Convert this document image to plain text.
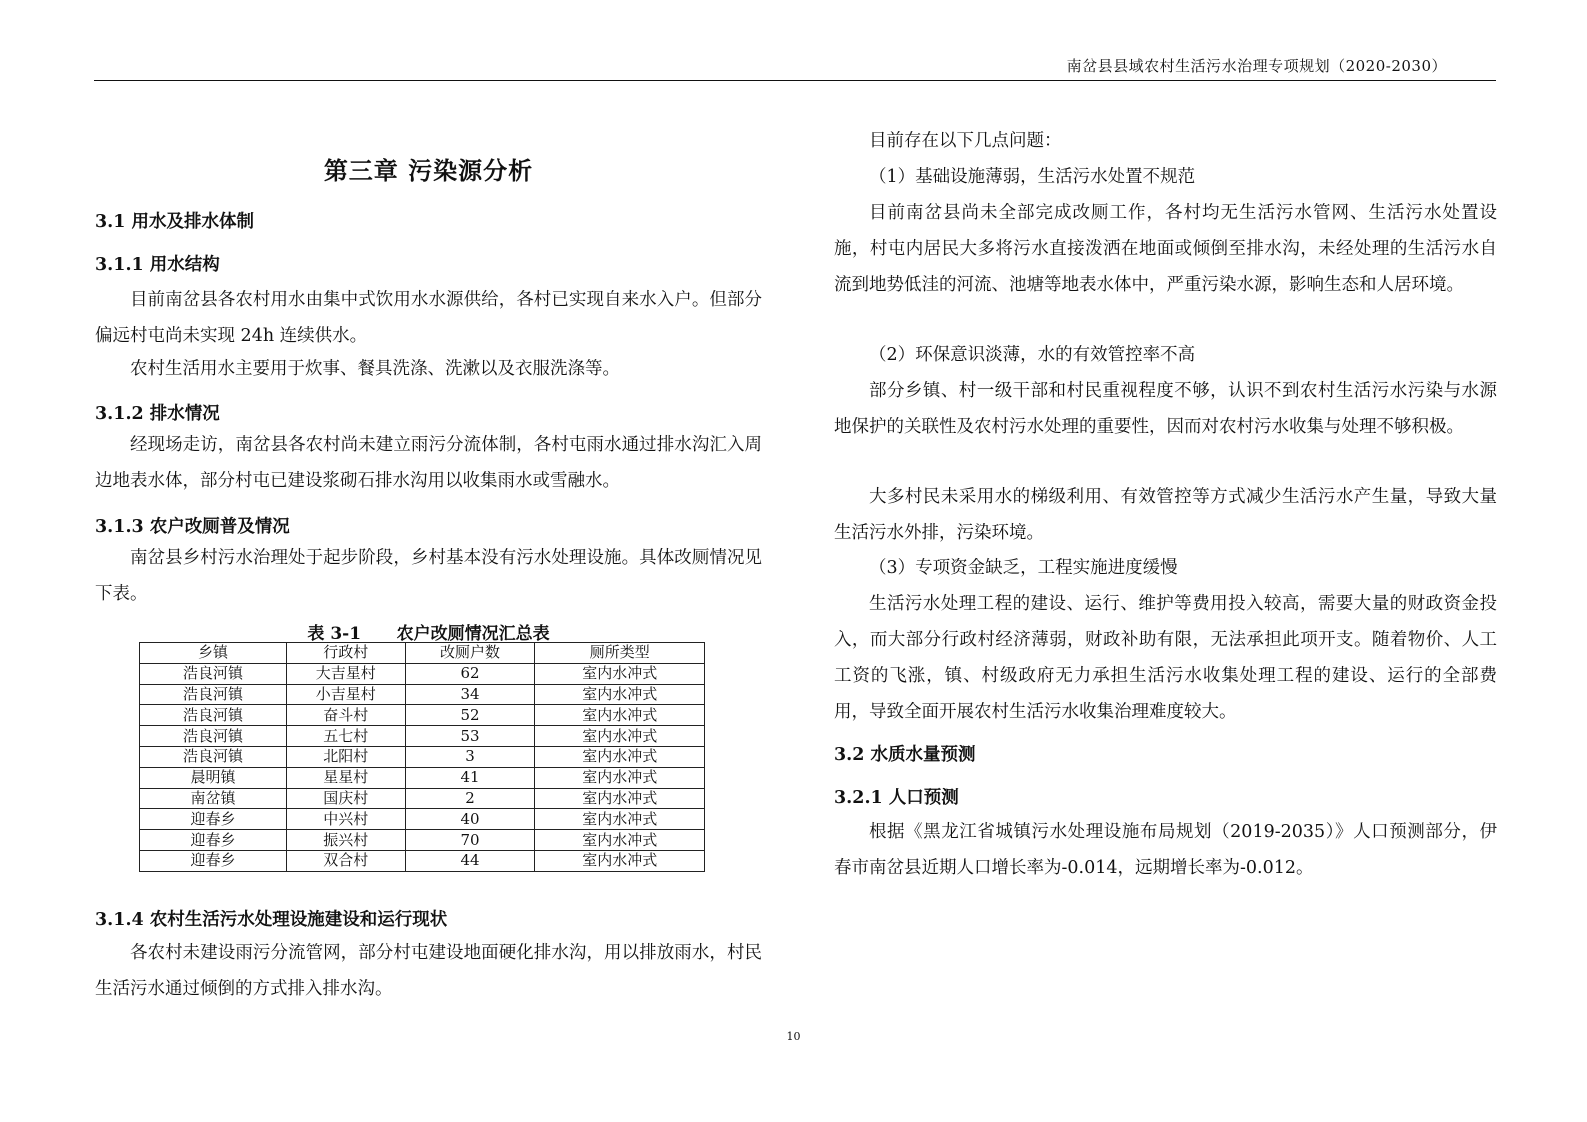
南岔县县域农村生活污水治理专项规划（2020-2030）
第三章 污染源分析
3.1 用水及排水体制
3.1.1 用水结构
目前南岔县各农村用水由集中式饮用水水源供给，各村已实现自来水入户。但部分偏远村屯尚未实现 24h 连续供水。
农村生活用水主要用于炊事、餐具洗涤、洗漱以及衣服洗涤等。
3.1.2 排水情况
经现场走访，南岔县各农村尚未建立雨污分流体制，各村屯雨水通过排水沟汇入周边地表水体，部分村屯已建设浆砌石排水沟用以收集雨水或雪融水。
3.1.3 农户改厕普及情况
南岔县乡村污水治理处于起步阶段，乡村基本没有污水处理设施。具体改厕情况见下表。
表 3-1      农户改厕情况汇总表
乡镇	行政村	改厕户数	厕所类型
浩良河镇	大吉星村	62	室内水冲式
浩良河镇	小吉星村	34	室内水冲式
浩良河镇	奋斗村	52	室内水冲式
浩良河镇	五七村	53	室内水冲式
浩良河镇	北阳村	3	室内水冲式
晨明镇	星星村	41	室内水冲式
南岔镇	国庆村	2	室内水冲式
迎春乡	中兴村	40	室内水冲式
迎春乡	振兴村	70	室内水冲式
迎春乡	双合村	44	室内水冲式
3.1.4 农村生活污水处理设施建设和运行现状
各农村未建设雨污分流管网，部分村屯建设地面硬化排水沟，用以排放雨水，村民生活污水通过倾倒的方式排入排水沟。
目前存在以下几点问题：
（1）基础设施薄弱，生活污水处置不规范
目前南岔县尚未全部完成改厕工作，各村均无生活污水管网、生活污水处置设施，村屯内居民大多将污水直接泼洒在地面或倾倒至排水沟，未经处理的生活污水自流到地势低洼的河流、池塘等地表水体中，严重污染水源，影响生态和人居环境。
（2）环保意识淡薄，水的有效管控率不高
部分乡镇、村一级干部和村民重视程度不够，认识不到农村生活污水污染与水源地保护的关联性及农村污水处理的重要性，因而对农村污水收集与处理不够积极。
大多村民未采用水的梯级利用、有效管控等方式减少生活污水产生量，导致大量生活污水外排，污染环境。
（3）专项资金缺乏，工程实施进度缓慢
生活污水处理工程的建设、运行、维护等费用投入较高，需要大量的财政资金投入，而大部分行政村经济薄弱，财政补助有限，无法承担此项开支。随着物价、人工工资的飞涨，镇、村级政府无力承担生活污水收集处理工程的建设、运行的全部费用，导致全面开展农村生活污水收集治理难度较大。
3.2 水质水量预测
3.2.1 人口预测
根据《黑龙江省城镇污水处理设施布局规划（2019-2035）》人口预测部分，伊春市南岔县近期人口增长率为-0.014，远期增长率为-0.012。
10
